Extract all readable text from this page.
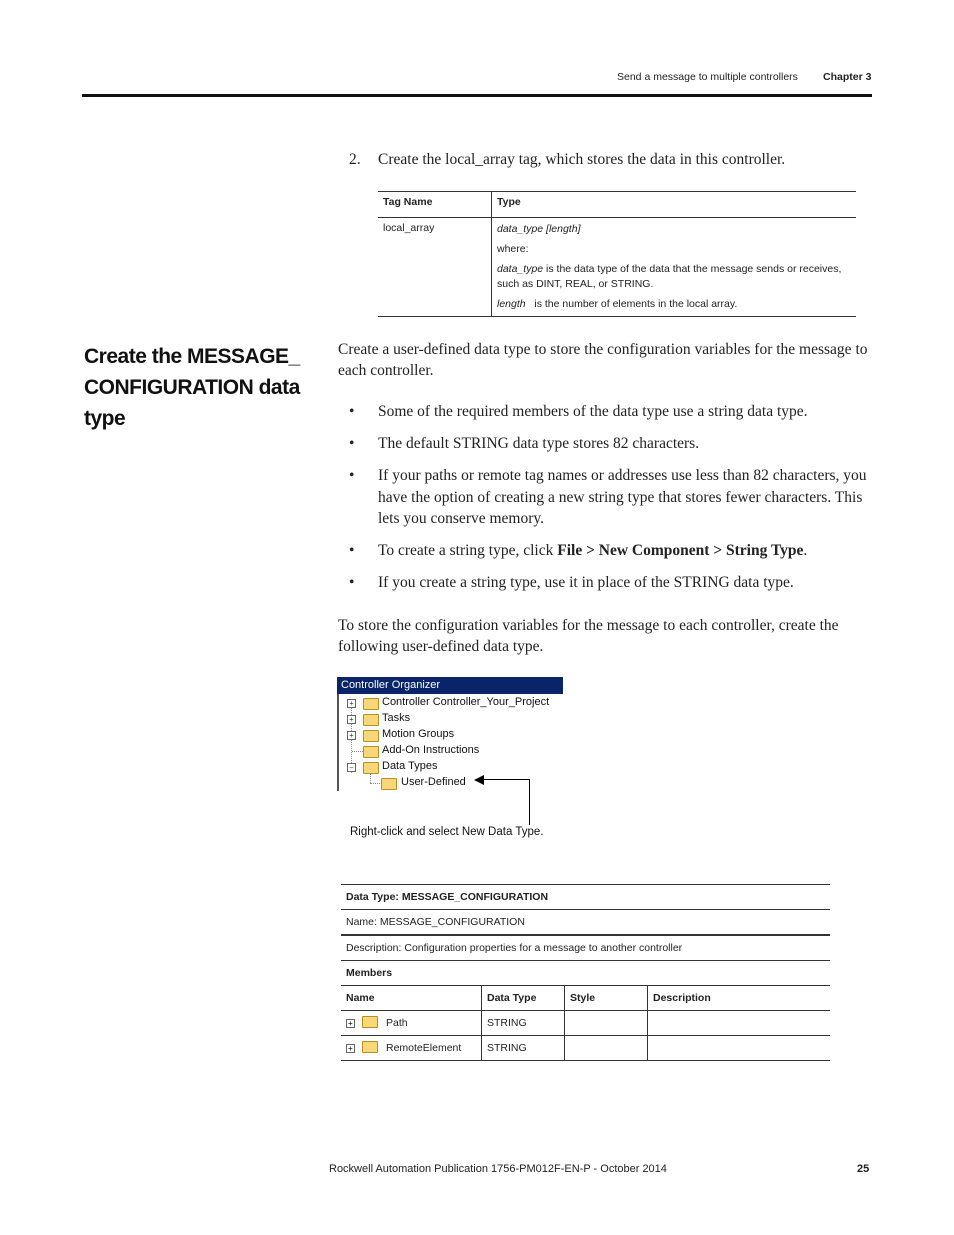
Send a message to multiple controllers Chapter 3
2. Create the local_array tag, which stores the data in this controller.
Tag Name	Type
local_array	data_type [length]
where:
data_type is the data type of the data that the message sends or receives, such as DINT, REAL, or STRING.
length is the number of elements in the local array.
Create the MESSAGE_
CONFIGURATION data type
Create a user-defined data type to store the configuration variables for the message to each controller.
• Some of the required members of the data type use a string data type.
• The default STRING data type stores 82 characters.
• If your paths or remote tag names or addresses use less than 82 characters, you have the option of creating a new string type that stores fewer characters. This lets you conserve memory.
• To create a string type, click File > New Component > String Type.
• If you create a string type, use it in place of the STRING data type.
To store the configuration variables for the message to each controller, create the following user-defined data type.
Controller Organizer
+	Controller Controller_Your_Project
+	Tasks
+	Motion Groups
Add-On Instructions
−	Data Types
User-Defined
Right-click and select New Data Type.
Data Type: MESSAGE_CONFIGURATION			
Name: MESSAGE_CONFIGURATION			
Description: Configuration properties for a message to another controller			
Members			
Name	Data Type	Style	Description

+ Path	STRING		

+ RemoteElement	STRING		
Rockwell Automation Publication 1756-PM012F-EN-P - October 2014	25
